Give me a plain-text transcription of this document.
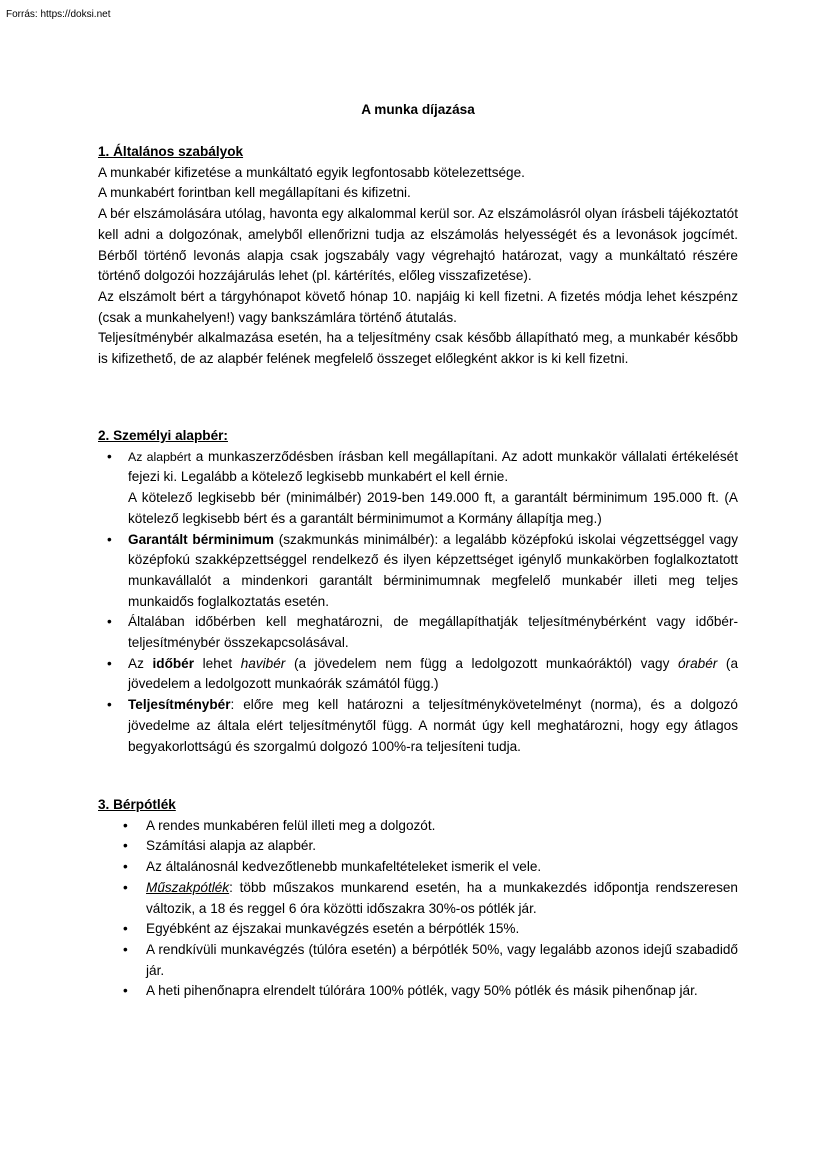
Forrás: https://doksi.net
A munka díjazása

1. Általános szabályok

A munkabér kifizetése a munkáltató egyik legfontosabb kötelezettsége.

A munkabért forintban kell megállapítani és kifizetni.

A bér elszámolására utólag, havonta egy alkalommal kerül sor. Az elszámolásról olyan írásbeli tájékoztatót kell adni a dolgozónak, amelyből ellenőrizni tudja az elszámolás helyességét és a levonások jogcímét. Bérből történő levonás alapja csak jogszabály vagy végrehajtó határozat, vagy a munkáltató részére történő dolgozói hozzájárulás lehet (pl. kártérítés, előleg visszafizetése).

Az elszámolt bért a tárgyhónapot követő hónap 10. napjáig ki kell fizetni. A fizetés módja lehet készpénz (csak a munkahelyen!) vagy bankszámlára történő átutalás.

Teljesítménybér alkalmazása esetén, ha a teljesítmény csak később állapítható meg, a munkabér később is kifizethető, de az alapbér felének megfelelő összeget előlegként akkor is ki kell fizetni.

2. Személyi alapbér:

• Az alapbért a munkaszerződésben írásban kell megállapítani. Az adott munkakör vállalati értékelését fejezi ki. Legalább a kötelező legkisebb munkabért el kell érnie.

A kötelező legkisebb bér (minimálbér) 2019-ben 149.000 ft, a garantált bérminimum 195.000 ft. (A kötelező legkisebb bért és a garantált bérminimumot a Kormány állapítja meg.)

• Garantált bérminimum (szakmunkás minimálbér): a legalább középfokú iskolai végzettséggel vagy középfokú szakképzettséggel rendelkező és ilyen képzettséget igénylő munkakörben foglalkoztatott munkavállalót a mindenkori garantált bérminimumnak megfelelő munkabér illeti meg teljes munkaidős foglalkoztatás esetén.
• Általában időbérben kell meghatározni, de megállapíthatják teljesítménybérként vagy időbér-teljesítménybér összekapcsolásával.
• Az időbér lehet havibér (a jövedelem nem függ a ledolgozott munkaóráktól) vagy órabér (a jövedelem a ledolgozott munkaórák számától függ.)
• Teljesítménybér: előre meg kell határozni a teljesítménykövetelményt (norma), és a dolgozó jövedelme az általa elért teljesítménytől függ. A normát úgy kell meghatározni, hogy egy átlagos begyakorlottságú és szorgalmú dolgozó 100%-ra teljesíteni tudja.

3. Bérpótlék

• A rendes munkabéren felül illeti meg a dolgozót.
• Számítási alapja az alapbér.
• Az általánosnál kedvezőtlenebb munkafeltételeket ismerik el vele.
• Műszakpótlék: több műszakos munkarend esetén, ha a munkakezdés időpontja rendszeresen változik, a 18 és reggel 6 óra közötti időszakra 30%-os pótlék jár.
• Egyébként az éjszakai munkavégzés esetén a bérpótlék 15%.
• A rendkívüli munkavégzés (túlóra esetén) a bérpótlék 50%, vagy legalább azonos idejű szabadidő jár.
• A heti pihenőnapra elrendelt túlórára 100% pótlék, vagy 50% pótlék és másik pihenőnap jár.
